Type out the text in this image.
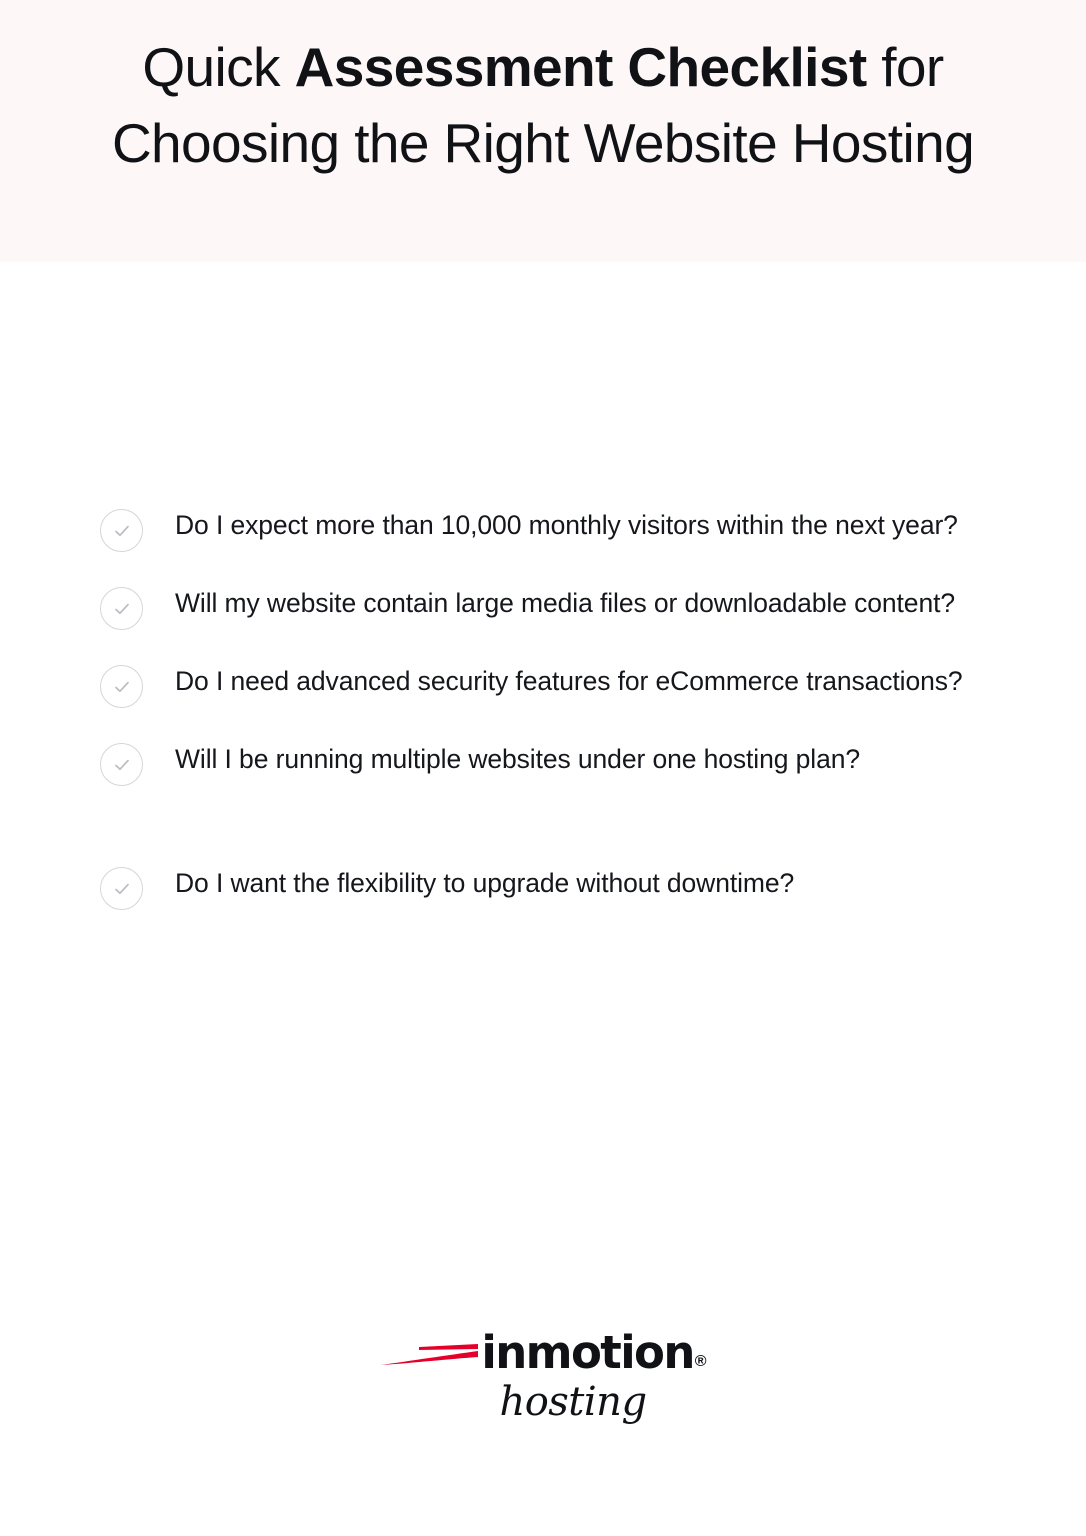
Quick Assessment Checklist for Choosing the Right Website Hosting
Do I expect more than 10,000 monthly visitors within the next year?
Will my website contain large media files or downloadable content?
Do I need advanced security features for eCommerce transactions?
Will I be running multiple websites under one hosting plan?
Do I want the flexibility to upgrade without downtime?
inmotion ®
hosting
